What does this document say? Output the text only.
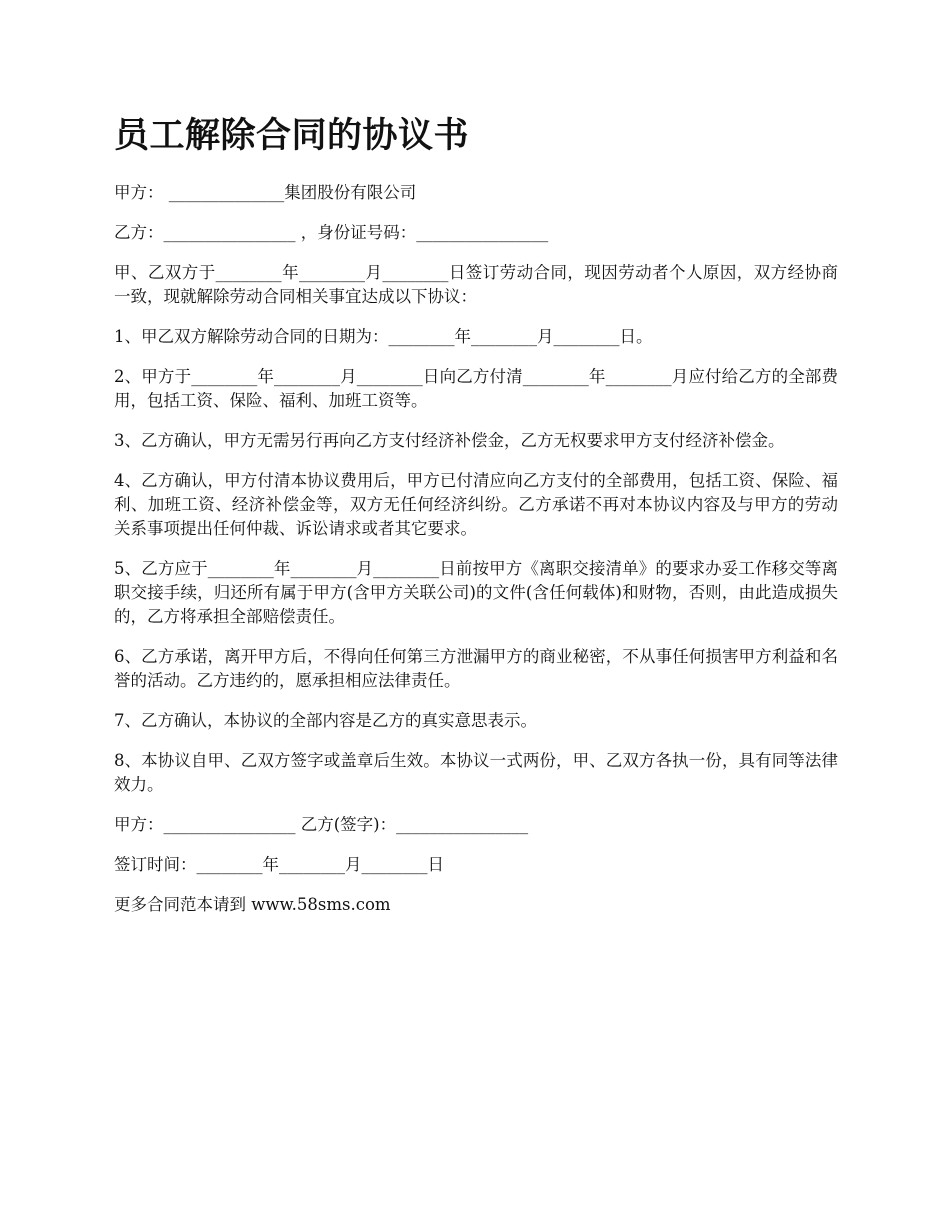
员工解除合同的协议书

甲方： ______________集团股份有限公司

乙方：________________ ，身份证号码：________________

甲、乙双方于________年________月________日签订劳动合同，现因劳动者个人原因，双方经协商一致，现就解除劳动合同相关事宜达成以下协议：

1、甲乙双方解除劳动合同的日期为：________年________月________日。

2、甲方于________年________月________日向乙方付清________年________月应付给乙方的全部费用，包括工资、保险、福利、加班工资等。

3、乙方确认，甲方无需另行再向乙方支付经济补偿金，乙方无权要求甲方支付经济补偿金。

4、乙方确认，甲方付清本协议费用后，甲方已付清应向乙方支付的全部费用，包括工资、保险、福利、加班工资、经济补偿金等，双方无任何经济纠纷。乙方承诺不再对本协议内容及与甲方的劳动关系事项提出任何仲裁、诉讼请求或者其它要求。

5、乙方应于________年________月________日前按甲方《离职交接清单》的要求办妥工作移交等离职交接手续，归还所有属于甲方(含甲方关联公司)的文件(含任何载体)和财物，否则，由此造成损失的，乙方将承担全部赔偿责任。

6、乙方承诺，离开甲方后，不得向任何第三方泄漏甲方的商业秘密，不从事任何损害甲方利益和名誉的活动。乙方违约的，愿承担相应法律责任。

7、乙方确认，本协议的全部内容是乙方的真实意思表示。

8、本协议自甲、乙双方签字或盖章后生效。本协议一式两份，甲、乙双方各执一份，具有同等法律效力。

甲方：________________ 乙方(签字)：________________

签订时间：________年________月________日

更多合同范本请到 www.58sms.com
